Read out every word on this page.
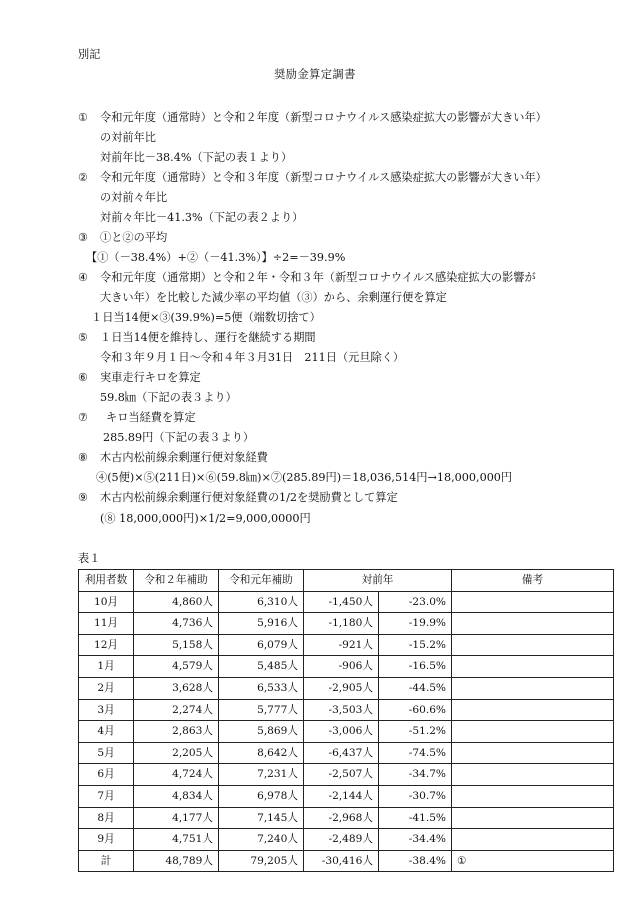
別記
奨励金算定調書
① 令和元年度（通常時）と令和２年度（新型コロナウイルス感染症拡大の影響が大きい年）
の対前年比
対前年比－38.4%（下記の表１より）
② 令和元年度（通常時）と令和３年度（新型コロナウイルス感染症拡大の影響が大きい年）
の対前々年比
対前々年比－41.3%（下記の表２より）
③ ①と②の平均
【①（－38.4%）+②（－41.3%）】÷2=－39.9%
④ 令和元年度（通常期）と令和２年・令和３年（新型コロナウイルス感染症拡大の影響が
大きい年）を比較した減少率の平均値（③）から、余剰運行便を算定
１日当14便×③(39.9%)=5便（端数切捨て）
⑤ １日当14便を維持し、運行を継続する期間
令和３年９月１日～令和４年３月31日　211日（元旦除く）
⑥ 実車走行キロを算定
59.8㎞（下記の表３より）
⑦ キロ当経費を算定
285.89円（下記の表３より）
⑧ 木古内松前線余剰運行便対象経費
④(5便)×⑤(211日)×⑥(59.8㎞)×⑦(285.89円)＝18,036,514円→18,000,000円
⑨ 木古内松前線余剰運行便対象経費の1/2を奨励費として算定
(⑧ 18,000,000円)×1/2=9,000,0000円
表１
利用者数	令和２年補助	令和元年補助	対前年		備考
10月	4,860人	6,310人	-1,450人	-23.0%	
11月	4,736人	5,916人	-1,180人	-19.9%	
12月	5,158人	6,079人	-921人	-15.2%	
1月	4,579人	5,485人	-906人	-16.5%	
2月	3,628人	6,533人	-2,905人	-44.5%	
3月	2,274人	5,777人	-3,503人	-60.6%	
4月	2,863人	5,869人	-3,006人	-51.2%	
5月	2,205人	8,642人	-6,437人	-74.5%	
6月	4,724人	7,231人	-2,507人	-34.7%	
7月	4,834人	6,978人	-2,144人	-30.7%	
8月	4,177人	7,145人	-2,968人	-41.5%	
9月	4,751人	7,240人	-2,489人	-34.4%	
計	48,789人	79,205人	-30,416人	-38.4%	①
